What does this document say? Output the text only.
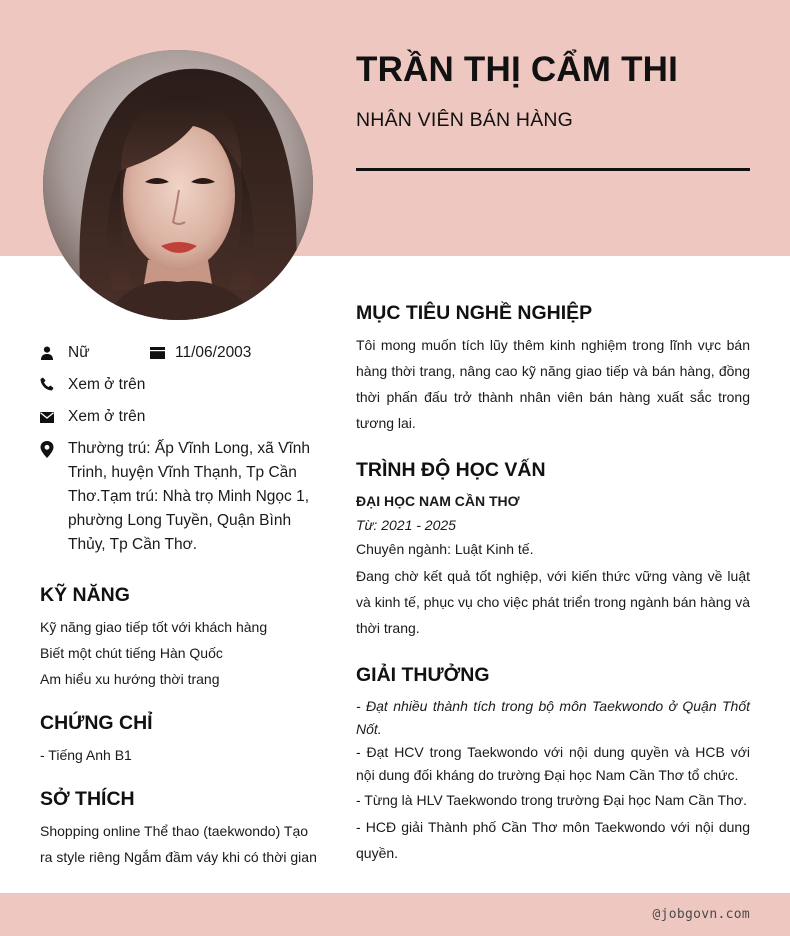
TRẦN THỊ CẨM THI
NHÂN VIÊN BÁN HÀNG
Nữ	11/06/2003
Xem ở trên
Xem ở trên
Thường trú: Ấp Vĩnh Long, xã Vĩnh Trinh, huyện Vĩnh Thạnh, Tp Cần Thơ.Tạm trú: Nhà trọ Minh Ngọc 1, phường Long Tuyền, Quận Bình Thủy, Tp Cần Thơ.
KỸ NĂNG
Kỹ năng giao tiếp tốt với khách hàng
Biết một chút tiếng Hàn Quốc
Am hiểu xu hướng thời trang
CHỨNG CHỈ
- Tiếng Anh B1
SỞ THÍCH
Shopping online Thể thao (taekwondo) Tạo
ra style riêng Ngắm đầm váy khi có thời gian
MỤC TIÊU NGHỀ NGHIỆP
Tôi mong muốn tích lũy thêm kinh nghiệm trong lĩnh vực bán hàng thời trang, nâng cao kỹ năng giao tiếp và bán hàng, đồng thời phấn đấu trở thành nhân viên bán hàng xuất sắc trong tương lai.
TRÌNH ĐỘ HỌC VẤN
ĐẠI HỌC NAM CẦN THƠ
Từ: 2021 - 2025
Chuyên ngành: Luật Kinh tế.
Đang chờ kết quả tốt nghiệp, với kiến thức vững vàng về luật và kinh tế, phục vụ cho việc phát triển trong ngành bán hàng và thời trang.
GIẢI THƯỞNG
- Đạt nhiều thành tích trong bộ môn Taekwondo ở Quận Thốt Nốt.
- Đạt HCV trong Taekwondo với nội dung quyền và HCB với nội dung đối kháng do trường Đại học Nam Cần Thơ tổ chức.
- Từng là HLV Taekwondo trong trường Đại học Nam Cần Thơ.
- HCĐ giải Thành phố Cần Thơ môn Taekwondo với nội dung quyền.
@jobgovn.com
